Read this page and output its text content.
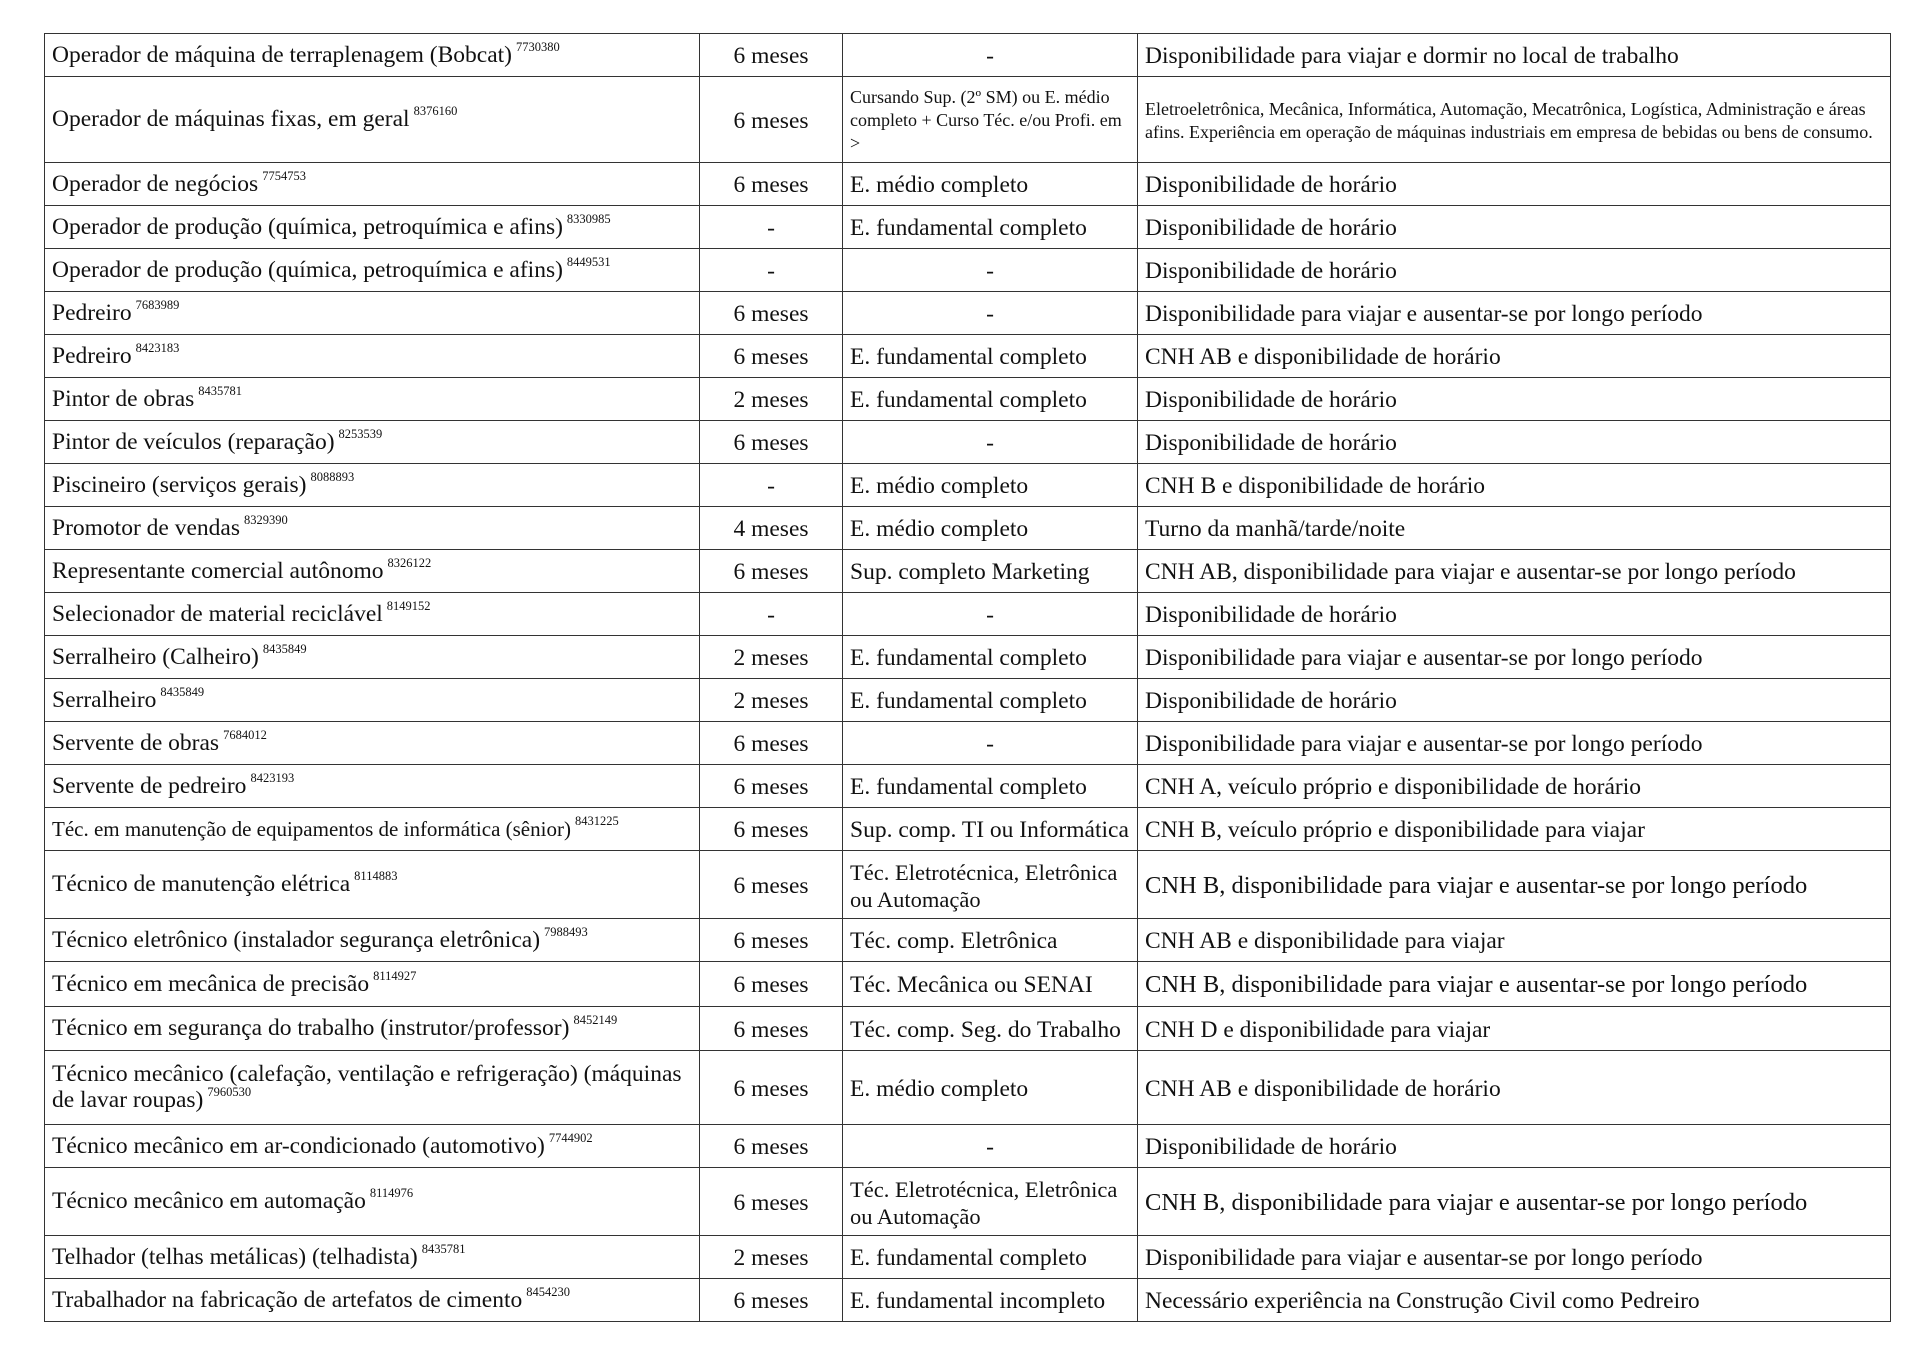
Operador de máquina de terraplenagem (Bobcat) $^{7730380}$	6 meses	-	Disponibilidade para viajar e dormir no local de trabalho
Operador de máquinas fixas, em geral $^{8376160}$	6 meses	Cursando Sup. (2º SM) ou E. médio completo + Curso Téc. e/ou Profi. em >	Eletroeletrônica, Mecânica, Informática, Automação, Mecatrônica, Logística, Administração e áreas afins. Experiência em operação de máquinas industriais em empresa de bebidas ou bens de consumo.
Operador de negócios $^{7754753}$	6 meses	E. médio completo	Disponibilidade de horário
Operador de produção (química, petroquímica e afins) $^{8330985}$	-	E. fundamental completo	Disponibilidade de horário
Operador de produção (química, petroquímica e afins) $^{8449531}$	-	-	Disponibilidade de horário
Pedreiro $^{7683989}$	6 meses	-	Disponibilidade para viajar e ausentar-se por longo período
Pedreiro $^{8423183}$	6 meses	E. fundamental completo	CNH AB e disponibilidade de horário
Pintor de obras $^{8435781}$	2 meses	E. fundamental completo	Disponibilidade de horário
Pintor de veículos (reparação) $^{8253539}$	6 meses	-	Disponibilidade de horário
Piscineiro (serviços gerais) $^{8088893}$	-	E. médio completo	CNH B e disponibilidade de horário
Promotor de vendas $^{8329390}$	4 meses	E. médio completo	Turno da manhã/tarde/noite
Representante comercial autônomo $^{8326122}$	6 meses	Sup. completo Marketing	CNH AB, disponibilidade para viajar e ausentar-se por longo período
Selecionador de material reciclável $^{8149152}$	-	-	Disponibilidade de horário
Serralheiro (Calheiro) $^{8435849}$	2 meses	E. fundamental completo	Disponibilidade para viajar e ausentar-se por longo período
Serralheiro $^{8435849}$	2 meses	E. fundamental completo	Disponibilidade de horário
Servente de obras $^{7684012}$	6 meses	-	Disponibilidade para viajar e ausentar-se por longo período
Servente de pedreiro $^{8423193}$	6 meses	E. fundamental completo	CNH A, veículo próprio e disponibilidade de horário
Téc. em manutenção de equipamentos de informática (sênior) $^{8431225}$	6 meses	Sup. comp. TI ou Informática	CNH B, veículo próprio e disponibilidade para viajar
Técnico de manutenção elétrica $^{8114883}$	6 meses	Téc. Eletrotécnica, Eletrônica ou Automação	CNH B, disponibilidade para viajar e ausentar-se por longo período
Técnico eletrônico (instalador segurança eletrônica) $^{7988493}$	6 meses	Téc. comp. Eletrônica	CNH AB e disponibilidade para viajar
Técnico em mecânica de precisão $^{8114927}$	6 meses	Téc. Mecânica ou SENAI	CNH B, disponibilidade para viajar e ausentar-se por longo período
Técnico em segurança do trabalho (instrutor/professor) $^{8452149}$	6 meses	Téc. comp. Seg. do Trabalho	CNH D e disponibilidade para viajar
Técnico mecânico (calefação, ventilação e refrigeração) (máquinas de lavar roupas) $^{7960530}$	6 meses	E. médio completo	CNH AB e disponibilidade de horário
Técnico mecânico em ar-condicionado (automotivo) $^{7744902}$	6 meses	-	Disponibilidade de horário
Técnico mecânico em automação $^{8114976}$	6 meses	Téc. Eletrotécnica, Eletrônica ou Automação	CNH B, disponibilidade para viajar e ausentar-se por longo período
Telhador (telhas metálicas) (telhadista) $^{8435781}$	2 meses	E. fundamental completo	Disponibilidade para viajar e ausentar-se por longo período
Trabalhador na fabricação de artefatos de cimento $^{8454230}$	6 meses	E. fundamental incompleto	Necessário experiência na Construção Civil como Pedreiro
